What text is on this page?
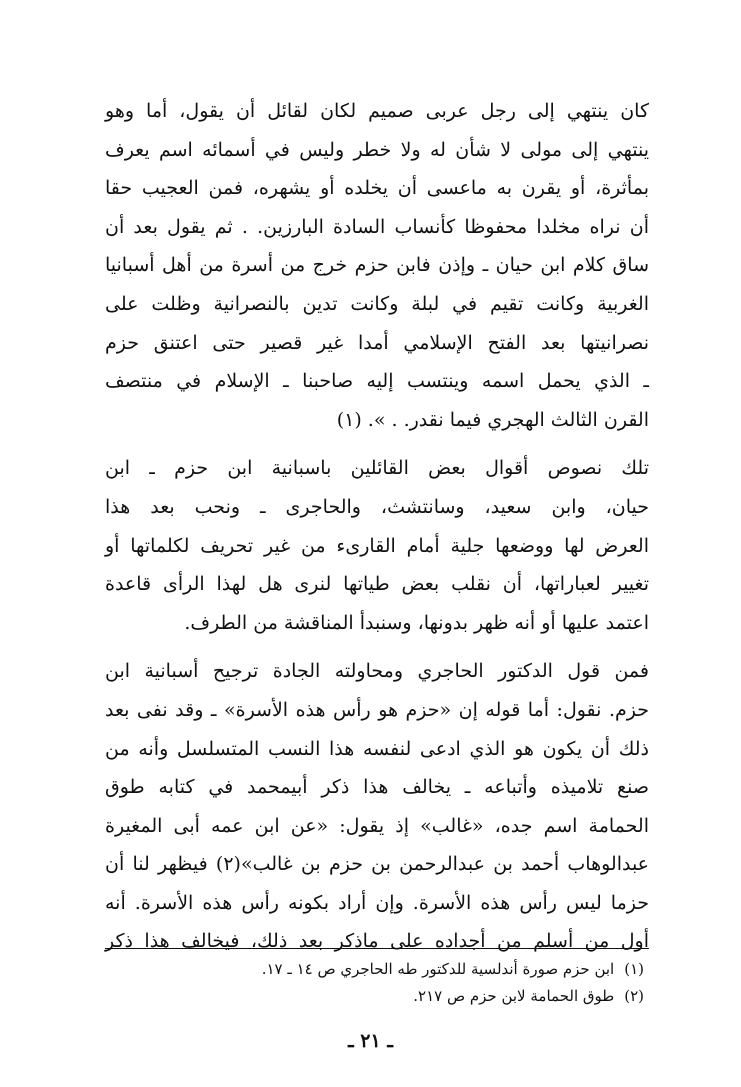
كان ينتهي إلى رجل عربى صميم لكان لقائل أن يقول، أما وهو
ينتهي إلى مولى لا شأن له ولا خطر وليس في أسمائه اسم يعرف
بمأثرة، أو يقرن به ماعسى أن يخلده أو يشهره، فمن العجيب حقا
أن نراه مخلدا محفوظا كأنساب السادة البارزين. . ثم يقول بعد أن
ساق كلام ابن حيان ـ وإذن فابن حزم خرج من أسرة من أهل أسبانيا
الغربية وكانت تقيم في لبلة وكانت تدين بالنصرانية وظلت على
نصرانيتها بعد الفتح الإسلامي أمدا غير قصير حتى اعتنق حزم
ـ الذي يحمل اسمه وينتسب إليه صاحبنا ـ الإسلام في منتصف
القرن الثالث الهجري فيما نقدر. . ». (١)

تلك نصوص أقوال بعض القائلين باسبانية ابن حزم ـ ابن
حيان، وابن سعيد، وسانتشث، والحاجرى ـ ونحب بعد هذا
العرض لها ووضعها جلية أمام القارىء من غير تحريف لكلماتها أو
تغيير لعباراتها، أن نقلب بعض طياتها لنرى هل لهذا الرأى قاعدة
اعتمد عليها أو أنه ظهر بدونها، وسنبدأ المناقشة من الطرف.

فمن قول الدكتور الحاجري ومحاولته الجادة ترجيح أسبانية ابن
حزم. نقول: أما قوله إن «حزم هو رأس هذه الأسرة» ـ وقد نفى بعد
ذلك أن يكون هو الذي ادعى لنفسه هذا النسب المتسلسل وأنه من
صنع تلاميذه وأتباعه ـ يخالف هذا ذكر أبيمحمد في كتابه طوق
الحمامة اسم جده، «غالب» إذ يقول: «عن ابن عمه أبى المغيرة
عبدالوهاب أحمد بن عبدالرحمن بن حزم بن غالب»(٢) فيظهر لنا أن
حزما ليس رأس هذه الأسرة. وإن أراد بكونه رأس هذه الأسرة. أنه
أول من أسلم من أجداده على ماذكر بعد ذلك، فيخالف هذا ذكر

(١)ابن حزم صورة أندلسية للدكتور طه الحاجري ص ١٤ ـ ١٧.
(٢)طوق الحمامة لابن حزم ص ٢١٧.
ـ ٢١ ـ
